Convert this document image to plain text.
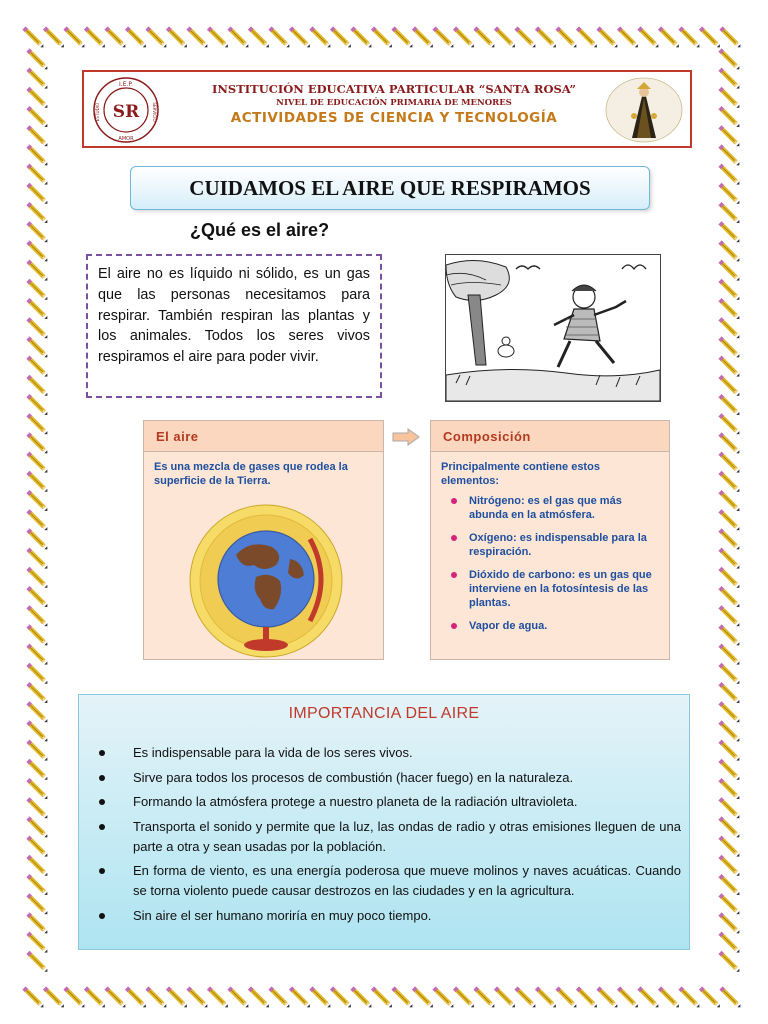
I.E.P.
AMOR
ESTUDIO	SERVICIO
SR
INSTITUCIÓN EDUCATIVA PARTICULAR “SANTA ROSA”
NIVEL DE EDUCACIÓN PRIMARIA DE MENORES
ACTIVIDADES DE CIENCIA Y TECNOLOGÍA
CUIDAMOS EL AIRE QUE RESPIRAMOS
¿Qué es el aire?

El aire no es líquido ni sólido, es un gas que las personas necesitamos para respirar. También respiran las plantas y los animales. Todos los seres vivos respiramos el aire para poder vivir.

El aire
Es una mezcla de gases que rodea la superficie de la Tierra.
Composición
Principalmente contiene estos elementos:
Nitrógeno: es el gas que más abunda en la atmósfera.
Oxígeno: es indispensable para la respiración.
Dióxido de carbono: es un gas que interviene en la fotosíntesis de las plantas.
Vapor de agua.
IMPORTANCIA DEL AIRE
Es indispensable para la vida de los seres vivos.
Sirve para todos los procesos de combustión (hacer fuego) en la naturaleza.
Formando la atmósfera protege a nuestro planeta de la radiación ultravioleta.
Transporta el sonido y permite que la luz, las ondas de radio y otras emisiones lleguen de una parte a otra y sean usadas por la población.
En forma de viento, es una energía poderosa que mueve molinos y naves acuáticas. Cuando se torna violento puede causar destrozos en las ciudades y en la agricultura.
Sin aire el ser humano moriría en muy poco tiempo.
